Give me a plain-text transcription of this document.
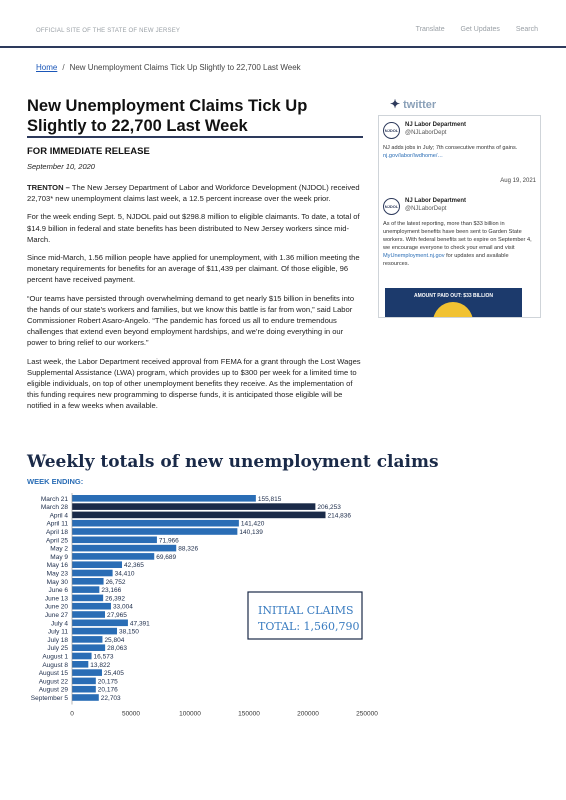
OFFICIAL SITE OF THE STATE OF NEW JERSEY	Translate Get Updates Search
Home / New Unemployment Claims Tick Up Slightly to 22,700 Last Week
New Unemployment Claims Tick Up Slightly to 22,700 Last Week
FOR IMMEDIATE RELEASE
September 10, 2020

TRENTON – The New Jersey Department of Labor and Workforce Development (NJDOL) received 22,703* new unemployment claims last week, a 12.5 percent increase over the week prior.

For the week ending Sept. 5, NJDOL paid out $298.8 million to eligible claimants. To date, a total of $14.9 billion in federal and state benefits has been distributed to New Jersey workers since mid-March.

Since mid-March, 1.56 million people have applied for unemployment, with 1.36 million meeting the monetary requirements for benefits for an average of $11,439 per claimant. Of those eligible, 96 percent have received payment.

“Our teams have persisted through overwhelming demand to get nearly $15 billion in benefits into the hands of our state’s workers and families, but we know this battle is far from won,” said Labor Commissioner Robert Asaro-Angelo. “The pandemic has forced us all to endure tremendous challenges that extend even beyond employment hardships, and we’re doing everything in our power to bring relief to our workers.”

Last week, the Labor Department received approval from FEMA for a grant through the Lost Wages Supplemental Assistance (LWA) program, which provides up to $300 per week for a limited time to eligible individuals, on top of other unemployment benefits they receive. As the implementation of this funding requires new programming to disperse funds, it is anticipated those eligible will be notified in a few weeks when available.

Weekly totals of new unemployment claims
WEEK ENDING:
March 21	155,815
March 28	206,253
April 4	214,836
April 11	141,420
April 18	140,139
April 25	71,966
May 2	88,326
May 9	69,689
May 16	42,365
May 23	34,410
May 30	26,752
June 6	23,166
June 13	26,392
June 20	33,004
June 27	27,965
July 4	47,391
July 11	38,150
July 18	25,804
July 25	28,063
August 1	16,573
August 8	13,822
August 15	25,405
August 22	20,175
August 29	20,176
September 5	22,703
0	50000	100000	150000	200000	250000
INITIAL CLAIMS
TOTAL: 1,560,790
✦ twitter
NJDOL
NJ Labor Department
@NJLaborDept
NJ adds jobs in July; 7th consecutive months of gains. nj.gov/labor/lwdhome/…
Aug 19, 2021
NJDOL
NJ Labor Department
@NJLaborDept
As of the latest reporting, more than $33 billion in unemployment benefits have been sent to Garden State workers. With federal benefits set to expire on September 4, we encourage everyone to check your email and visit MyUnemployment.nj.gov for updates and available resources.
AMOUNT PAID OUT: $33 BILLION
